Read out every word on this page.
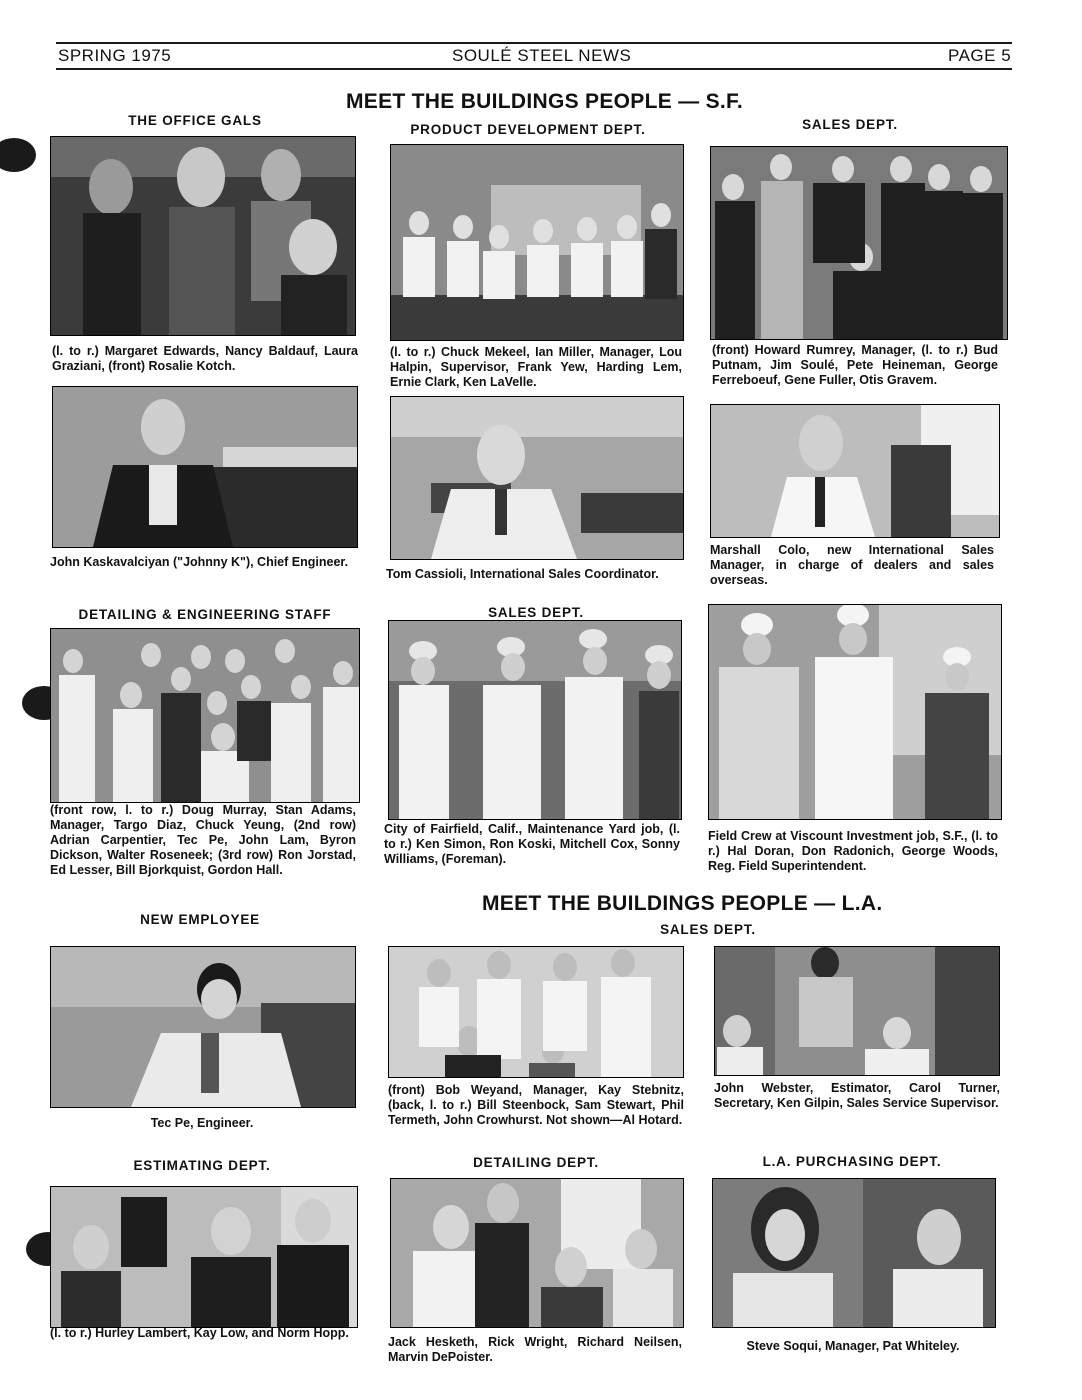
SPRING 1975	SOULÉ STEEL NEWS	PAGE 5
MEET THE BUILDINGS PEOPLE — S.F.
THE OFFICE GALS
PRODUCT DEVELOPMENT DEPT.	SALES DEPT.
(l. to r.) Margaret Edwards, Nancy Baldauf, Laura Graziani, (front) Rosalie Kotch.
(l. to r.) Chuck Mekeel, Ian Miller, Manager, Lou Halpin, Supervisor, Frank Yew, Harding Lem, Ernie Clark, Ken LaVelle.
(front) Howard Rumrey, Manager, (l. to r.) Bud Putnam, Jim Soulé, Pete Heineman, George Ferreboeuf, Gene Fuller, Otis Gravem.
John Kaskavalciyan ("Johnny K"), Chief Engineer.
Tom Cassioli, International Sales Coordinator.
Marshall Colo, new International Sales Manager, in charge of dealers and sales overseas.
DETAILING & ENGINEERING STAFF	SALES DEPT.
(front row, l. to r.) Doug Murray, Stan Adams, Manager, Targo Diaz, Chuck Yeung, (2nd row) Adrian Carpentier, Tec Pe, John Lam, Byron Dickson, Walter Roseneek; (3rd row) Ron Jorstad, Ed Lesser, Bill Bjorkquist, Gordon Hall.
City of Fairfield, Calif., Maintenance Yard job, (l. to r.) Ken Simon, Ron Koski, Mitchell Cox, Sonny Williams, (Foreman).
Field Crew at Viscount Investment job, S.F., (l. to r.) Hal Doran, Don Radonich, George Woods, Reg. Field Superintendent.
MEET THE BUILDINGS PEOPLE — L.A.
SALES DEPT.
NEW EMPLOYEE
Tec Pe, Engineer.
(front) Bob Weyand, Manager, Kay Stebnitz, (back, l. to r.) Bill Steenbock, Sam Stewart, Phil Termeth, John Crowhurst. Not shown—Al Hotard.
John Webster, Estimator, Carol Turner, Secretary, Ken Gilpin, Sales Service Supervisor.
ESTIMATING DEPT.	DETAILING DEPT.	L.A. PURCHASING DEPT.
(l. to r.) Hurley Lambert, Kay Low, and Norm Hopp.
Jack Hesketh, Rick Wright, Richard Neilsen, Marvin DePoister.
Steve Soqui, Manager, Pat Whiteley.
